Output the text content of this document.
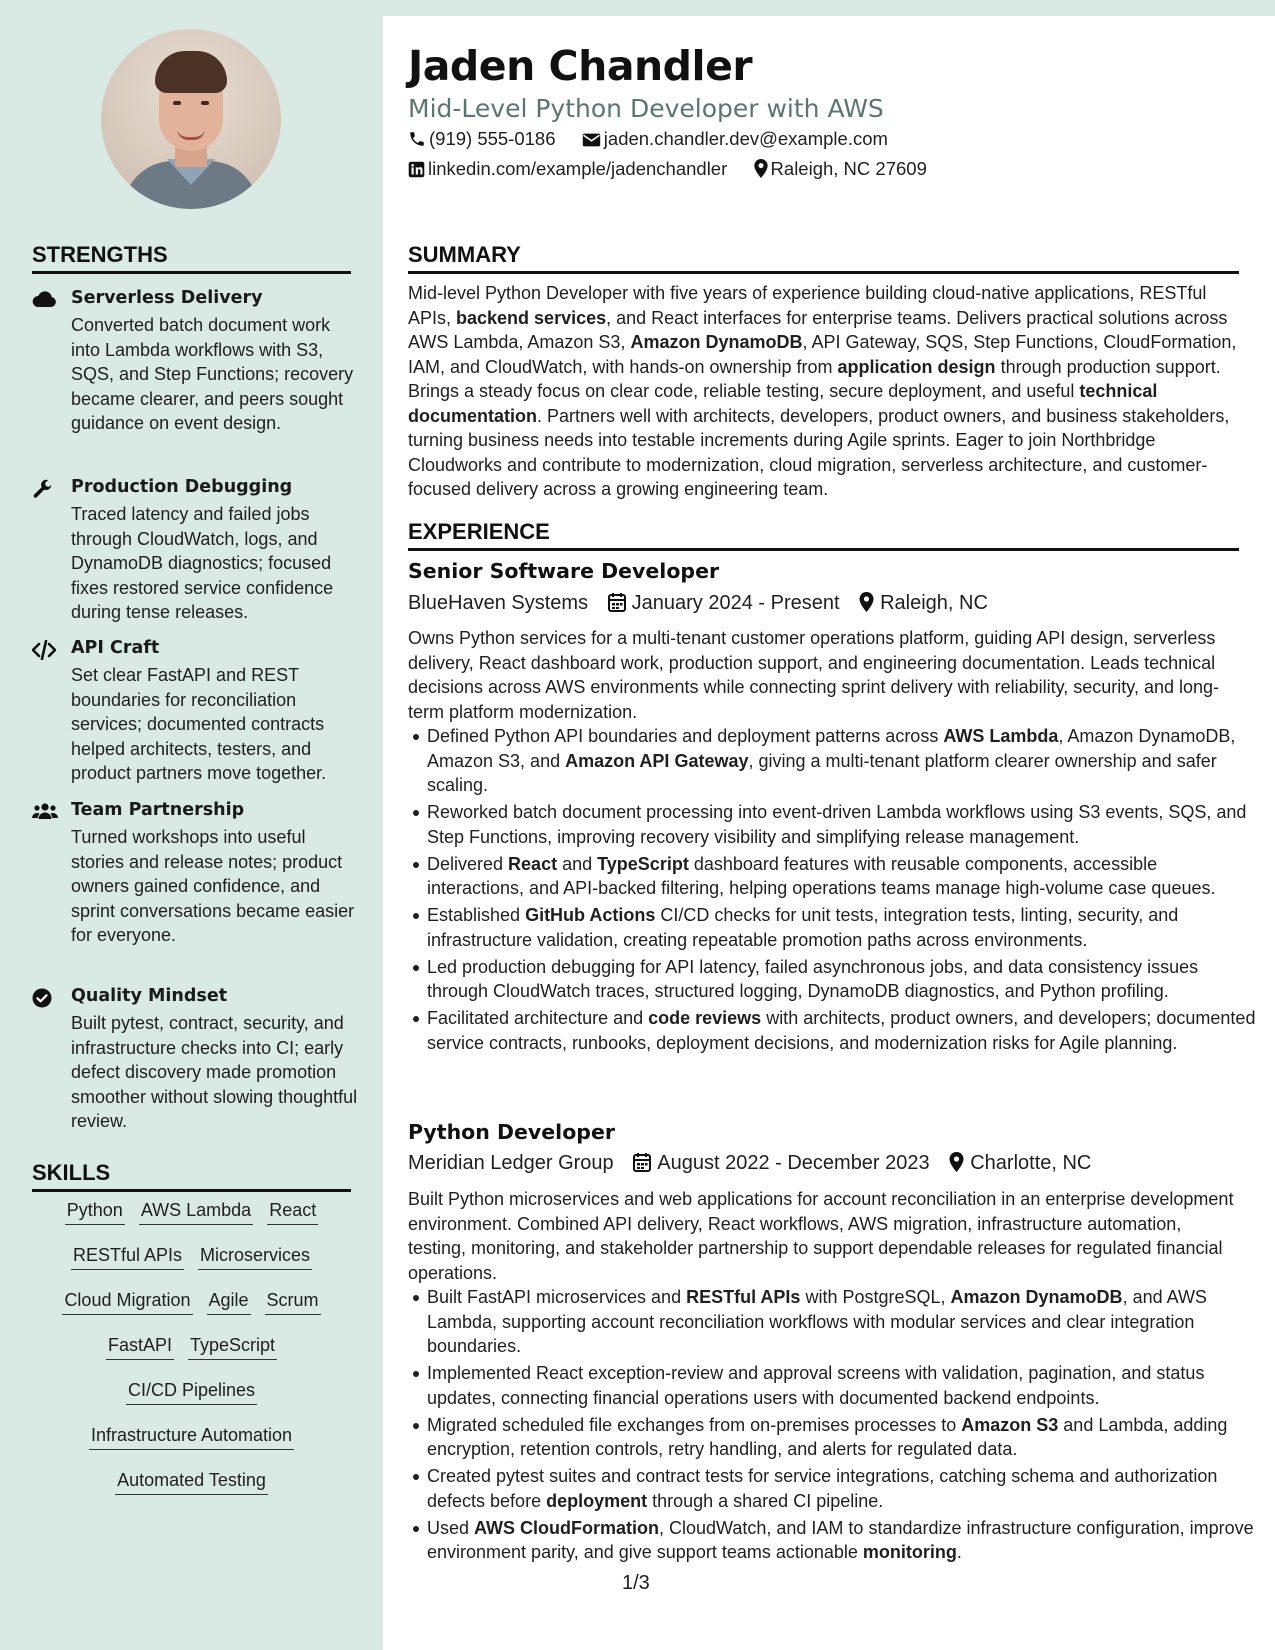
Jaden Chandler
Mid-Level Python Developer with AWS
(919) 555-0186	jaden.chandler.dev@example.com
linkedin.com/example/jadenchandler Raleigh, NC 27609
STRENGTHS
Serverless Delivery
Converted batch document work into Lambda workflows with S3, SQS, and Step Functions; recovery became clearer, and peers sought guidance on event design.
Production Debugging
Traced latency and failed jobs through CloudWatch, logs, and DynamoDB diagnostics; focused fixes restored service confidence during tense releases.
API Craft
Set clear FastAPI and REST boundaries for reconciliation services; documented contracts helped architects, testers, and product partners move together.
Team Partnership
Turned workshops into useful stories and release notes; product owners gained confidence, and sprint conversations became easier for everyone.
Quality Mindset
Built pytest, contract, security, and infrastructure checks into CI; early defect discovery made promotion smoother without slowing thoughtful review.
SKILLS
Python AWS Lambda React
RESTful APIs Microservices
Cloud Migration Agile Scrum
FastAPI TypeScript
CI/CD Pipelines
Infrastructure Automation
Automated Testing
SUMMARY
Mid-level Python Developer with five years of experience building cloud-native applications, RESTful APIs, backend services, and React interfaces for enterprise teams. Delivers practical solutions across AWS Lambda, Amazon S3, Amazon DynamoDB, API Gateway, SQS, Step Functions, CloudFormation, IAM, and CloudWatch, with hands-on ownership from application design through production support. Brings a steady focus on clear code, reliable testing, secure deployment, and useful technical documentation. Partners well with architects, developers, product owners, and business stakeholders, turning business needs into testable increments during Agile sprints. Eager to join Northbridge Cloudworks and contribute to modernization, cloud migration, serverless architecture, and customer-focused delivery across a growing engineering team.
EXPERIENCE
Senior Software Developer
BlueHaven Systems January 2024 - Present Raleigh, NC
Owns Python services for a multi-tenant customer operations platform, guiding API design, serverless delivery, React dashboard work, production support, and engineering documentation. Leads technical decisions across AWS environments while connecting sprint delivery with reliability, security, and long-term platform modernization.
Defined Python API boundaries and deployment patterns across AWS Lambda, Amazon DynamoDB, Amazon S3, and Amazon API Gateway, giving a multi-tenant platform clearer ownership and safer scaling.
Reworked batch document processing into event-driven Lambda workflows using S3 events, SQS, and Step Functions, improving recovery visibility and simplifying release management.
Delivered React and TypeScript dashboard features with reusable components, accessible interactions, and API-backed filtering, helping operations teams manage high-volume case queues.
Established GitHub Actions CI/CD checks for unit tests, integration tests, linting, security, and infrastructure validation, creating repeatable promotion paths across environments.
Led production debugging for API latency, failed asynchronous jobs, and data consistency issues through CloudWatch traces, structured logging, DynamoDB diagnostics, and Python profiling.
Facilitated architecture and code reviews with architects, product owners, and developers; documented service contracts, runbooks, deployment decisions, and modernization risks for Agile planning.
Python Developer
Meridian Ledger Group August 2022 - December 2023 Charlotte, NC
Built Python microservices and web applications for account reconciliation in an enterprise development environment. Combined API delivery, React workflows, AWS migration, infrastructure automation, testing, monitoring, and stakeholder partnership to support dependable releases for regulated financial operations.
Built FastAPI microservices and RESTful APIs with PostgreSQL, Amazon DynamoDB, and AWS Lambda, supporting account reconciliation workflows with modular services and clear integration boundaries.
Implemented React exception-review and approval screens with validation, pagination, and status updates, connecting financial operations users with documented backend endpoints.
Migrated scheduled file exchanges from on-premises processes to Amazon S3 and Lambda, adding encryption, retention controls, retry handling, and alerts for regulated data.
Created pytest suites and contract tests for service integrations, catching schema and authorization defects before deployment through a shared CI pipeline.
Used AWS CloudFormation, CloudWatch, and IAM to standardize infrastructure configuration, improve environment parity, and give support teams actionable monitoring.
1/3
